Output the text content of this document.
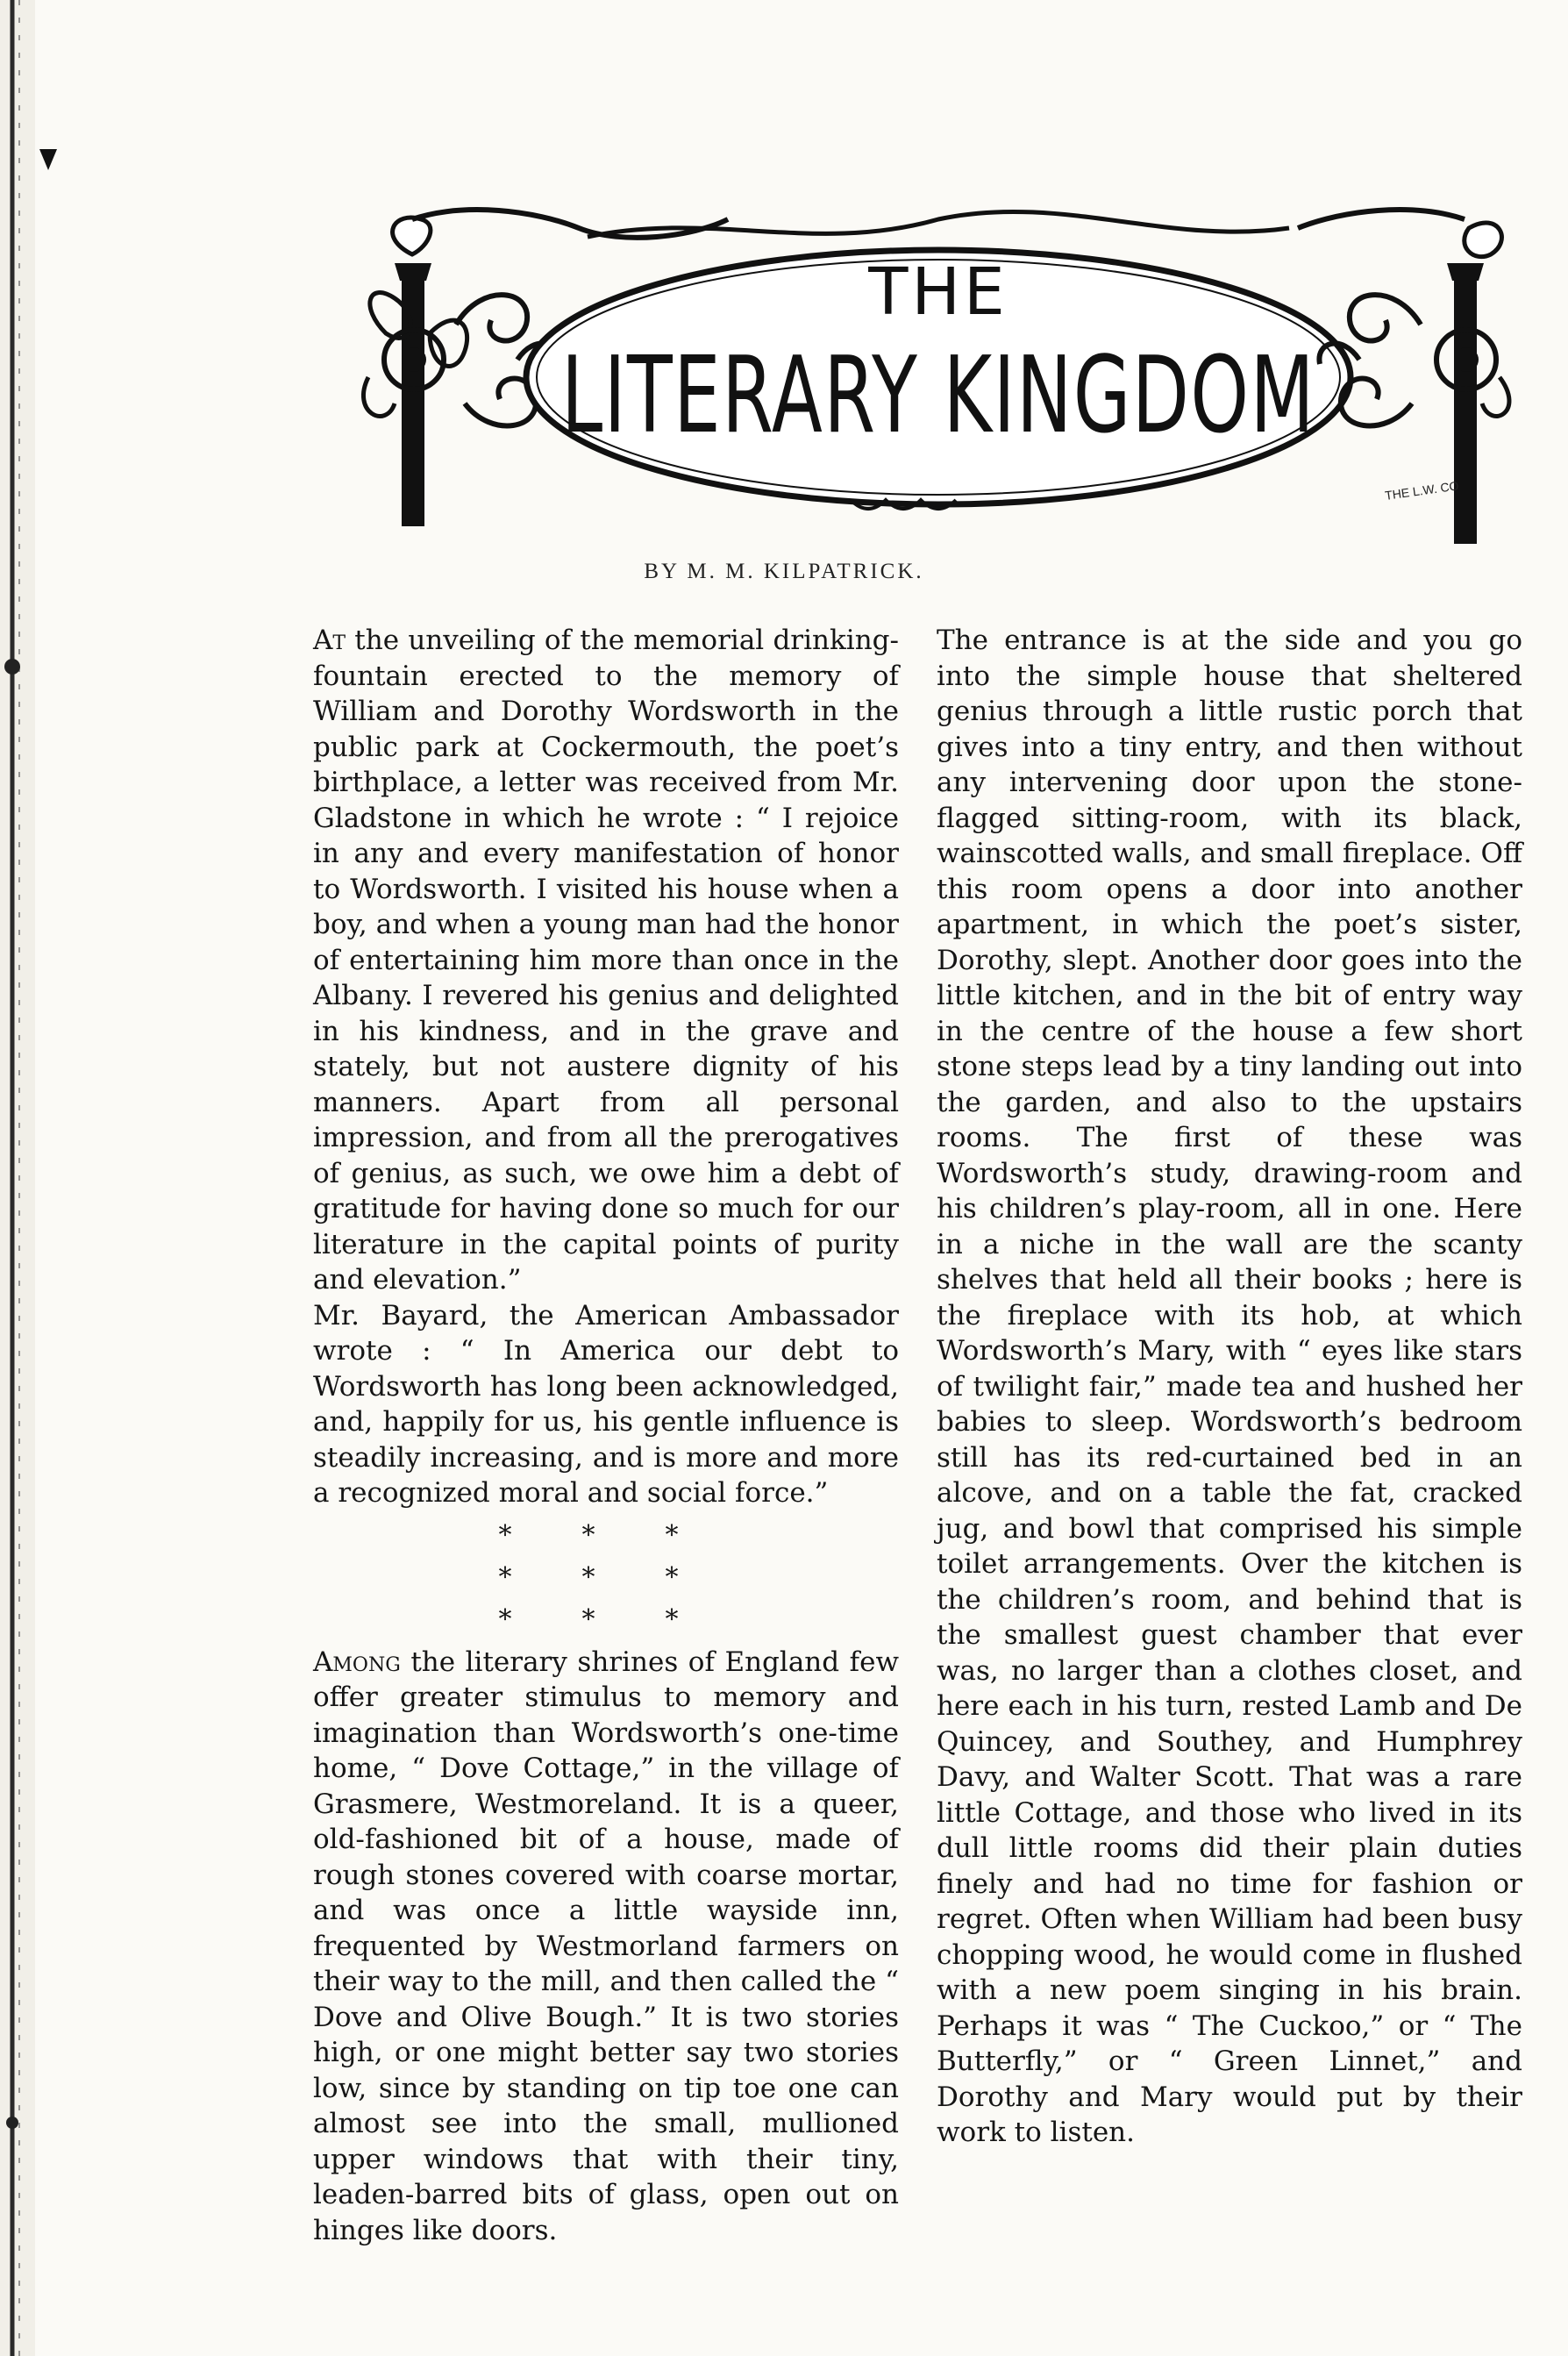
THE
LITERARY KINGDOM
THE L.W. CO
BY M. M. KILPATRICK.

At the unveiling of the memorial drinking-fountain erected to the memory of William and Dorothy Wordsworth in the public park at Cockermouth, the poet’s birthplace, a letter was received from Mr. Gladstone in which he wrote : “ I rejoice in any and every manifestation of honor to Wordsworth. I visited his house when a boy, and when a young man had the honor of entertaining him more than once in the Albany. I revered his genius and delighted in his kindness, and in the grave and stately, but not austere dignity of his manners. Apart from all personal impression, and from all the prerogatives of genius, as such, we owe him a debt of gratitude for having done so much for our literature in the capital points of purity and elevation.”

Mr. Bayard, the American Ambassador wrote : “ In America our debt to Wordsworth has long been acknowledged, and, happily for us, his gentle influence is steadily increasing, and is more and more a recognized moral and social force.”

*** *** ***

Among the literary shrines of England few offer greater stimulus to memory and imagination than Wordsworth’s one-time home, “ Dove Cottage,” in the village of Grasmere, Westmoreland. It is a queer, old-fashioned bit of a house, made of rough stones covered with coarse mortar, and was once a little wayside inn, frequented by Westmorland farmers on their way to the mill, and then called the “ Dove and Olive Bough.” It is two stories high, or one might better say two stories low, since by standing on tip toe one can almost see into the small, mullioned upper windows that with their tiny, leaden-barred bits of glass, open out on hinges like doors.

The entrance is at the side and you go into the simple house that sheltered genius through a little rustic porch that gives into a tiny entry, and then without any intervening door upon the stone-flagged sitting-room, with its black, wainscotted walls, and small fireplace. Off this room opens a door into another apartment, in which the poet’s sister, Dorothy, slept. Another door goes into the little kitchen, and in the bit of entry way in the centre of the house a few short stone steps lead by a tiny landing out into the garden, and also to the upstairs rooms. The first of these was Wordsworth’s study, drawing-room and his children’s play-room, all in one. Here in a niche in the wall are the scanty shelves that held all their books ; here is the fireplace with its hob, at which Wordsworth’s Mary, with “ eyes like stars of twilight fair,” made tea and hushed her babies to sleep. Wordsworth’s bedroom still has its red-curtained bed in an alcove, and on a table the fat, cracked jug, and bowl that comprised his simple toilet arrangements. Over the kitchen is the children’s room, and behind that is the smallest guest chamber that ever was, no larger than a clothes closet, and here each in his turn, rested Lamb and De Quincey, and Southey, and Humphrey Davy, and Walter Scott. That was a rare little Cottage, and those who lived in its dull little rooms did their plain duties finely and had no time for fashion or regret. Often when William had been busy chopping wood, he would come in flushed with a new poem singing in his brain. Perhaps it was “ The Cuckoo,” or “ The Butterfly,” or “ Green Linnet,” and Dorothy and Mary would put by their work to listen.
